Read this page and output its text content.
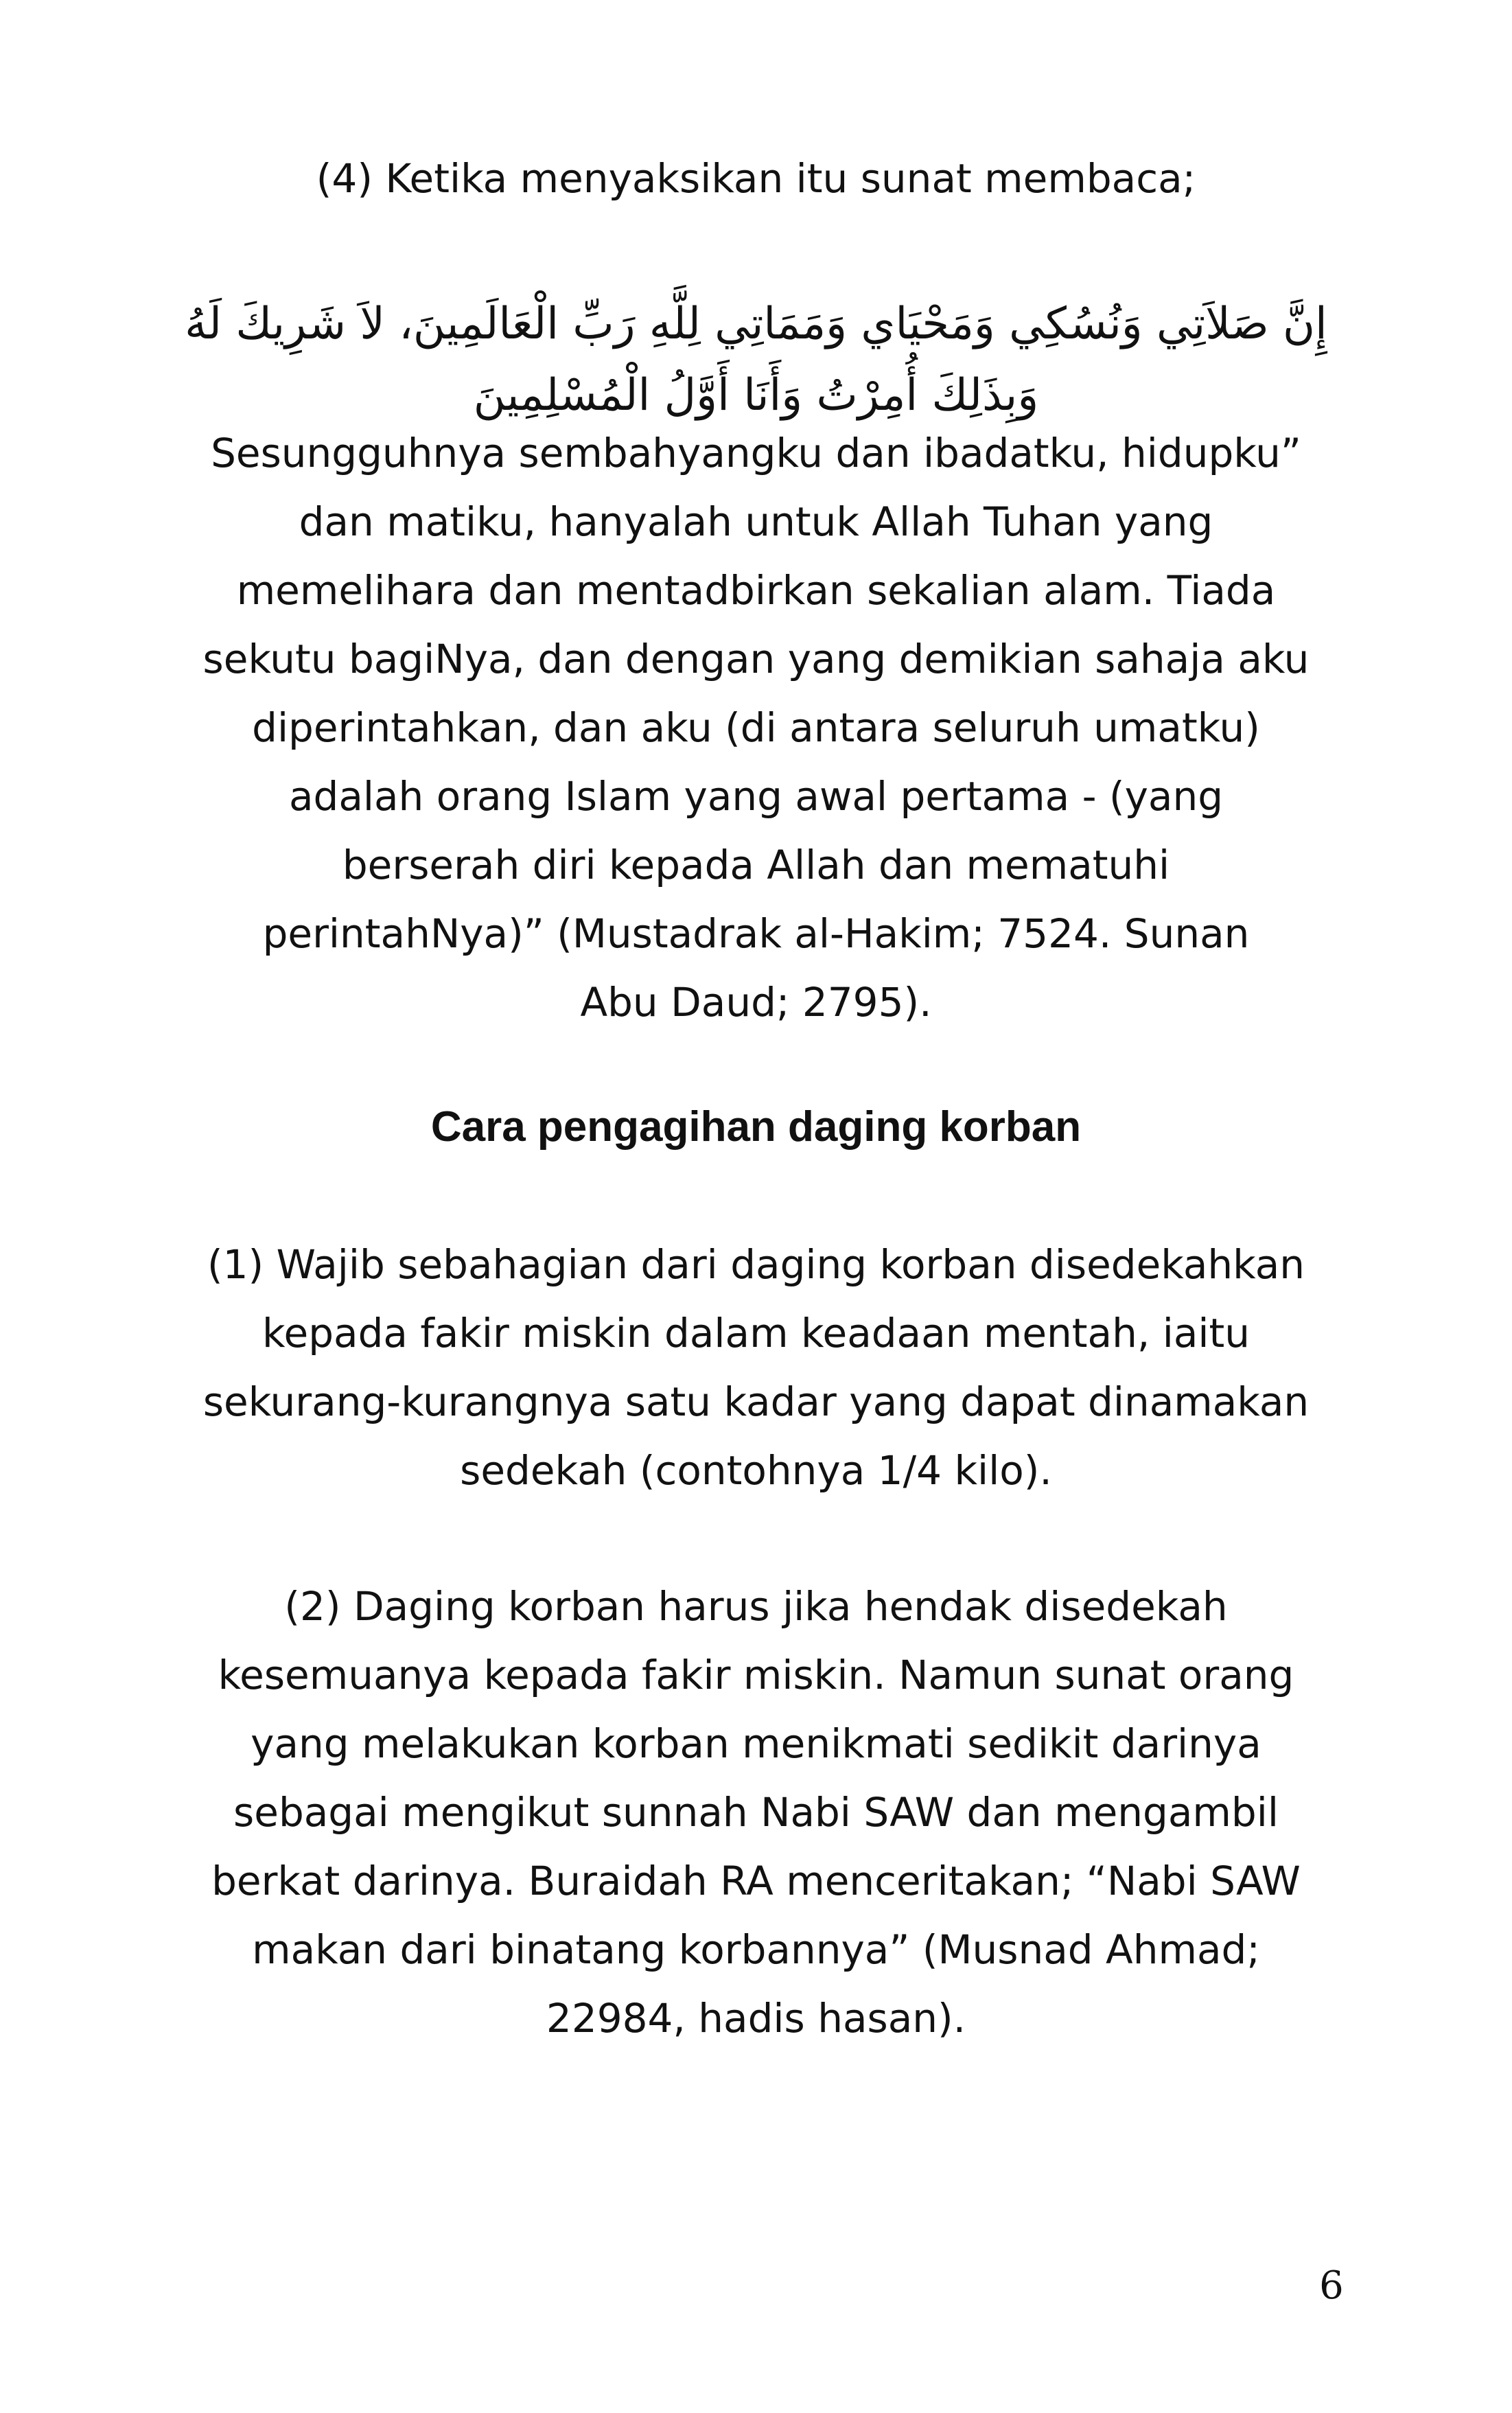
(4) Ketika menyaksikan itu sunat membaca;
إِنَّ صَلاَتِي وَنُسُكِي وَمَحْيَاي وَمَمَاتِي لِلَّهِ رَبِّ الْعَالَمِينَ، لاَ شَرِيكَ لَهُ
وَبِذَلِكَ أُمِرْتُ وَأَنَا أَوَّلُ الْمُسْلِمِينَ
Sesungguhnya sembahyangku dan ibadatku, hidupku”
dan matiku, hanyalah untuk Allah Tuhan yang
memelihara dan mentadbirkan sekalian alam. Tiada
sekutu bagiNya, dan dengan yang demikian sahaja aku
diperintahkan, dan aku (di antara seluruh umatku)
adalah orang Islam yang awal pertama - (yang
berserah diri kepada Allah dan mematuhi
perintahNya)” (Mustadrak al-Hakim; 7524. Sunan
Abu Daud; 2795).
Cara pengagihan daging korban
(1) Wajib sebahagian dari daging korban disedekahkan
kepada fakir miskin dalam keadaan mentah, iaitu
sekurang-kurangnya satu kadar yang dapat dinamakan
sedekah (contohnya 1/4 kilo).
(2) Daging korban harus jika hendak disedekah
kesemuanya kepada fakir miskin. Namun sunat orang
yang melakukan korban menikmati sedikit darinya
sebagai mengikut sunnah Nabi SAW dan mengambil
berkat darinya. Buraidah RA menceritakan; “Nabi SAW
makan dari binatang korbannya” (Musnad Ahmad;
22984, hadis hasan).
6
